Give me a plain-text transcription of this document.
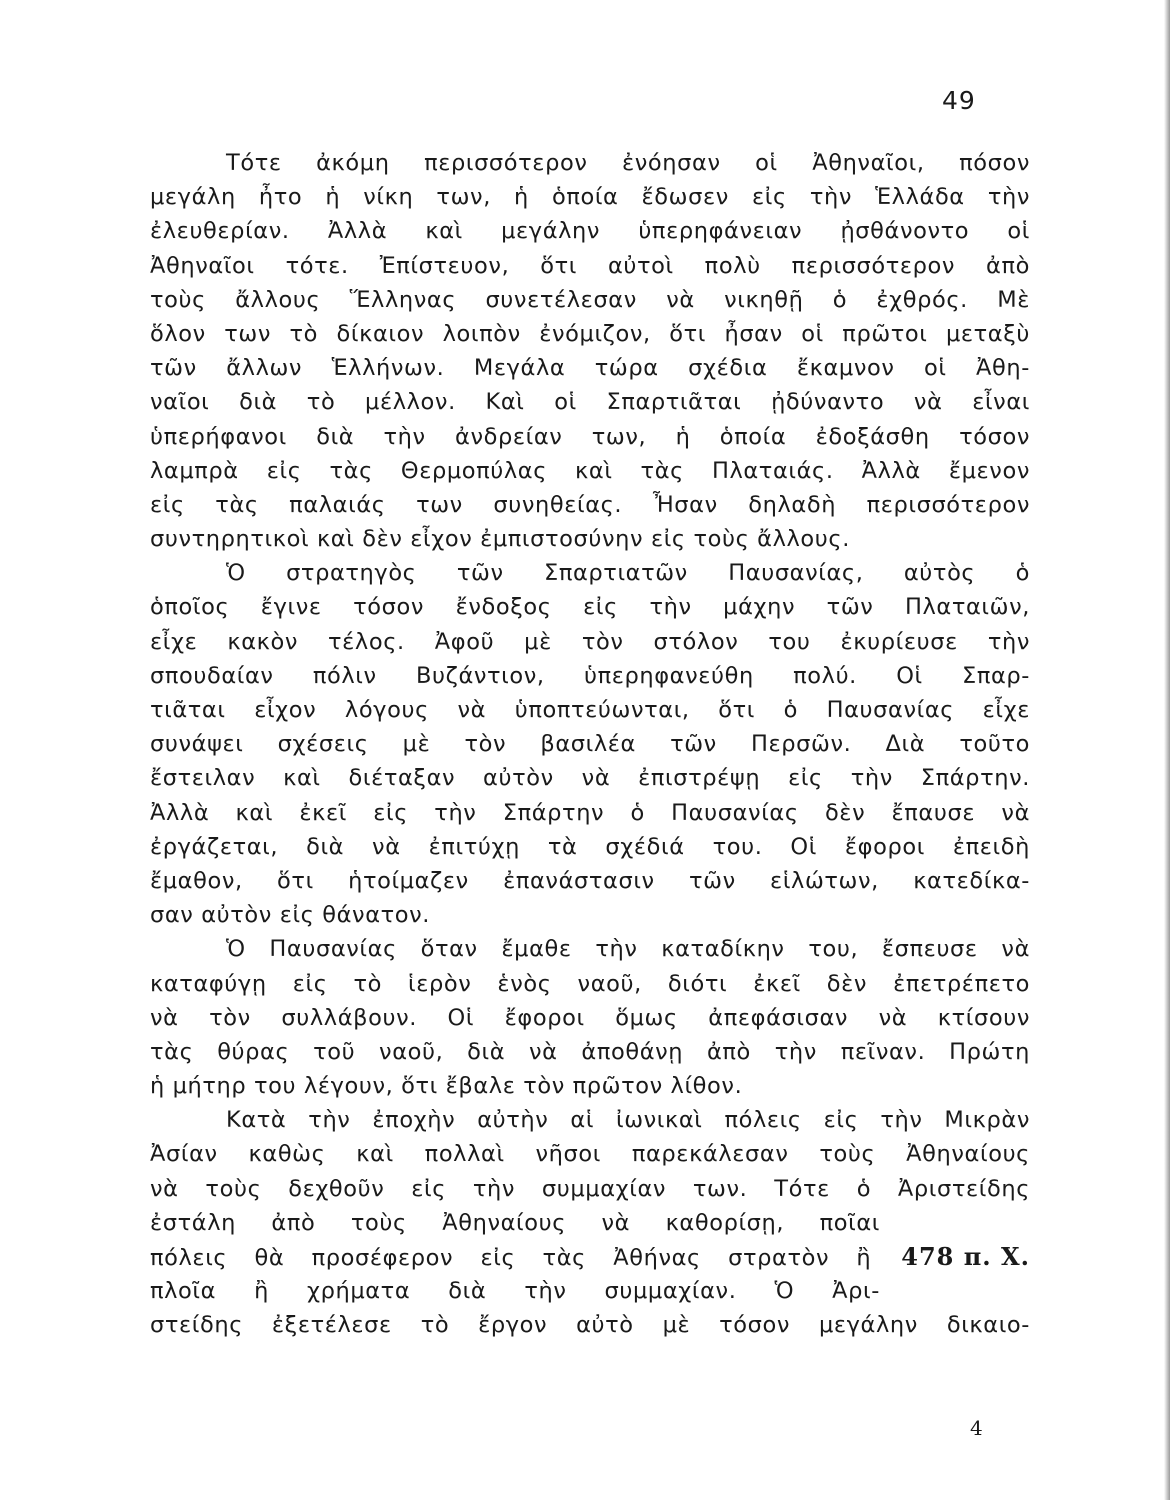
49
Τότε ἀκόμη περισσότερον ἐνόησαν οἱ Ἀθηναῖοι, πόσον
μεγάλη ἦτο ἡ νίκη των, ἡ ὁποία ἔδωσεν εἰς τὴν Ἑλλάδα τὴν
ἐλευθερίαν. Ἀλλὰ καὶ μεγάλην ὑπερηφάνειαν ᾐσθάνοντο οἱ
Ἀθηναῖοι τότε. Ἐπίστευον, ὅτι αὐτοὶ πολὺ περισσότερον ἀπὸ
τοὺς ἄλλους Ἕλληνας συνετέλεσαν νὰ νικηθῇ ὁ ἐχθρός. Μὲ
ὅλον των τὸ δίκαιον λοιπὸν ἐνόμιζον, ὅτι ἦσαν οἱ πρῶτοι μεταξὺ
τῶν ἄλλων Ἑλλήνων. Μεγάλα τώρα σχέδια ἔκαμνον οἱ Ἀθη-
ναῖοι διὰ τὸ μέλλον. Καὶ οἱ Σπαρτιᾶται ᾐδύναντο νὰ εἶναι
ὑπερήφανοι διὰ τὴν ἀνδρείαν των, ἡ ὁποία ἐδοξάσθη τόσον
λαμπρὰ εἰς τὰς Θερμοπύλας καὶ τὰς Πλαταιάς. Ἀλλὰ ἔμενον
εἰς τὰς παλαιάς των συνηθείας. Ἦσαν δηλαδὴ περισσότερον
συντηρητικοὶ καὶ δὲν εἶχον ἐμπιστοσύνην εἰς τοὺς ἄλλους.
Ὁ στρατηγὸς τῶν Σπαρτιατῶν Παυσανίας, αὐτὸς ὁ
ὁποῖος ἔγινε τόσον ἔνδοξος εἰς τὴν μάχην τῶν Πλαταιῶν,
εἶχε κακὸν τέλος. Ἀφοῦ μὲ τὸν στόλον του ἐκυρίευσε τὴν
σπουδαίαν πόλιν Βυζάντιον, ὑπερηφανεύθη πολύ. Οἱ Σπαρ-
τιᾶται εἶχον λόγους νὰ ὑποπτεύωνται, ὅτι ὁ Παυσανίας εἶχε
συνάψει σχέσεις μὲ τὸν βασιλέα τῶν Περσῶν. Διὰ τοῦτο
ἔστειλαν καὶ διέταξαν αὐτὸν νὰ ἐπιστρέψῃ εἰς τὴν Σπάρτην.
Ἀλλὰ καὶ ἐκεῖ εἰς τὴν Σπάρτην ὁ Παυσανίας δὲν ἔπαυσε νὰ
ἐργάζεται, διὰ νὰ ἐπιτύχῃ τὰ σχέδιά του. Οἱ ἔφοροι ἐπειδὴ
ἔμαθον, ὅτι ἡτοίμαζεν ἐπανάστασιν τῶν εἱλώτων, κατεδίκα-
σαν αὐτὸν εἰς θάνατον.
Ὁ Παυσανίας ὅταν ἔμαθε τὴν καταδίκην του, ἔσπευσε νὰ
καταφύγῃ εἰς τὸ ἱερὸν ἑνὸς ναοῦ, διότι ἐκεῖ δὲν ἐπετρέπετο
νὰ τὸν συλλάβουν. Οἱ ἔφοροι ὅμως ἀπεφάσισαν νὰ κτίσουν
τὰς θύρας τοῦ ναοῦ, διὰ νὰ ἀποθάνῃ ἀπὸ τὴν πεῖναν. Πρώτη
ἡ μήτηρ του λέγουν, ὅτι ἔβαλε τὸν πρῶτον λίθον.
Κατὰ τὴν ἐποχὴν αὐτὴν αἱ ἰωνικαὶ πόλεις εἰς τὴν Μικρὰν
Ἀσίαν καθὼς καὶ πολλαὶ νῆσοι παρεκάλεσαν τοὺς Ἀθηναίους
νὰ τοὺς δεχθοῦν εἰς τὴν συμμαχίαν των. Τότε ὁ Ἀριστείδης
ἐστάλη ἀπὸ τοὺς Ἀθηναίους νὰ καθορίσῃ, ποῖαι
πόλεις θὰ προσέφερον εἰς τὰς Ἀθήνας στρατὸν ἢ 478 π. Χ.
πλοῖα ἢ χρήματα διὰ τὴν συμμαχίαν. Ὁ Ἀρι-
στείδης ἐξετέλεσε τὸ ἔργον αὐτὸ μὲ τόσον μεγάλην δικαιο-
4
